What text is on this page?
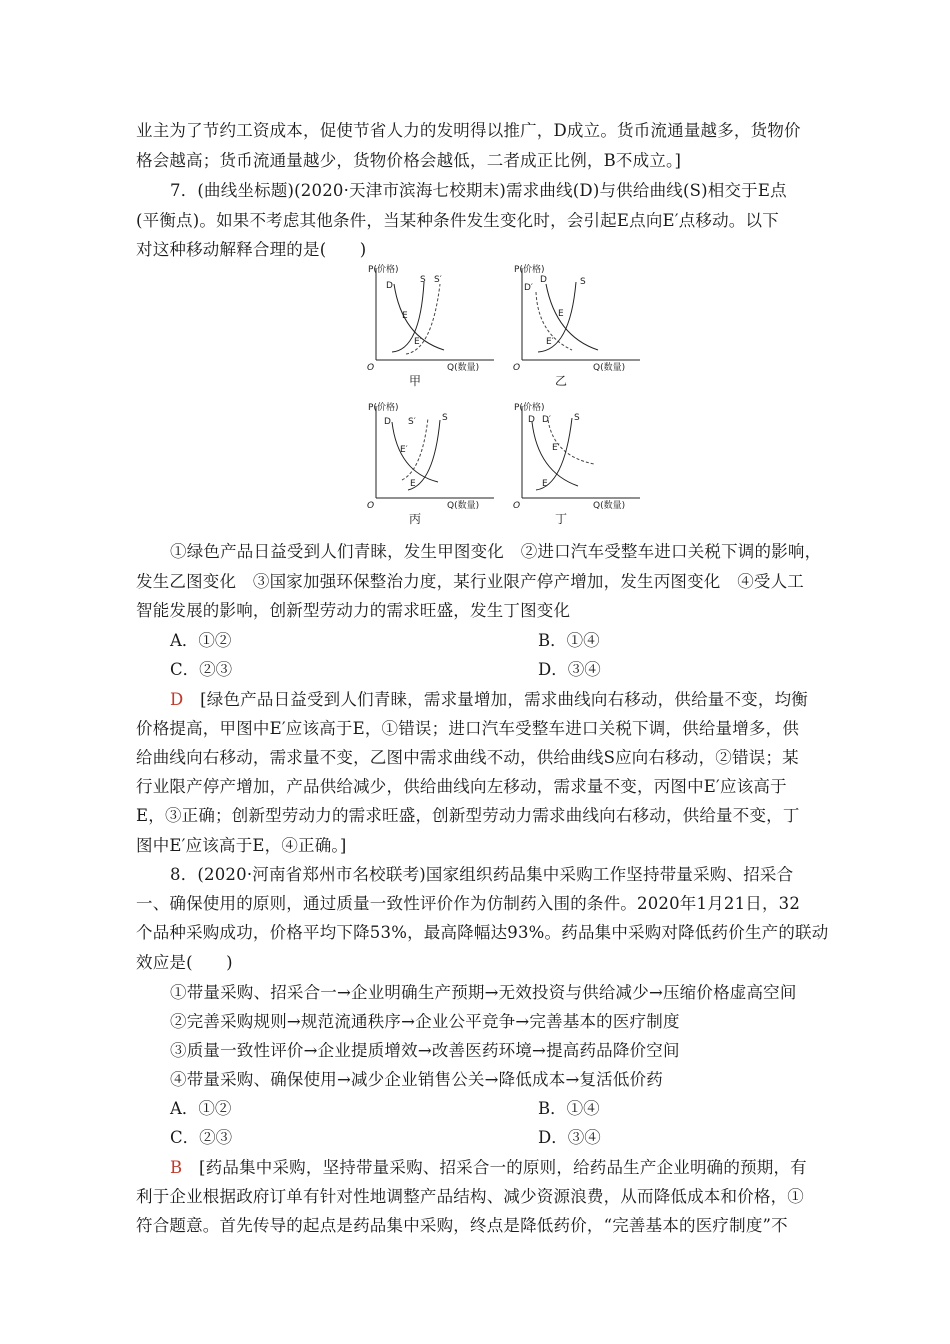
业主为了节约工资成本，促使节省人力的发明得以推广，D成立。货币流通量越多，货物价
格会越高；货币流通量越少，货物价格会越低，二者成正比例，B不成立。]
7．(曲线坐标题)(2020·天津市滨海七校期末)需求曲线(D)与供给曲线(S)相交于E点
(平衡点)。如果不考虑其他条件，当某种条件发生变化时，会引起E点向E′点移动。以下
对这种移动解释合理的是(　　)
P(价格)
Q(数量)
O
D
S S′
E
E′
甲
P(价格)
Q(数量)
O
D′
D	S
E
E′
乙
P(价格)
Q(数量)
O
D S′	S
E′
E
丙
P(价格)
Q(数量)
O
D D′	S
E′
E
丁
①绿色产品日益受到人们青睐，发生甲图变化　②进口汽车受整车进口关税下调的影响，
发生乙图变化　③国家加强环保整治力度，某行业限产停产增加，发生丙图变化　④受人工
智能发展的影响，创新型劳动力的需求旺盛，发生丁图变化
A．①②	B．①④
C．②③	D．③④
D　 [绿色产品日益受到人们青睐，需求量增加，需求曲线向右移动，供给量不变，均衡
价格提高，甲图中E′应该高于E，①错误；进口汽车受整车进口关税下调，供给量增多，供
给曲线向右移动，需求量不变，乙图中需求曲线不动，供给曲线S应向右移动，②错误；某
行业限产停产增加，产品供给减少，供给曲线向左移动，需求量不变，丙图中E′应该高于
E，③正确；创新型劳动力的需求旺盛，创新型劳动力需求曲线向右移动，供给量不变，丁
图中E′应该高于E，④正确。]
8．(2020·河南省郑州市名校联考)国家组织药品集中采购工作坚持带量采购、招采合
一、确保使用的原则，通过质量一致性评价作为仿制药入围的条件。2020年1月21日，32
个品种采购成功，价格平均下降53%，最高降幅达93%。药品集中采购对降低药价生产的联动
效应是(　　)
①带量采购、招采合一→企业明确生产预期→无效投资与供给减少→压缩价格虚高空间
②完善采购规则→规范流通秩序→企业公平竞争→完善基本的医疗制度
③质量一致性评价→企业提质增效→改善医药环境→提高药品降价空间
④带量采购、确保使用→减少企业销售公关→降低成本→复活低价药
A．①②	B．①④
C．②③	D．③④
B　 [药品集中采购，坚持带量采购、招采合一的原则，给药品生产企业明确的预期，有
利于企业根据政府订单有针对性地调整产品结构、减少资源浪费，从而降低成本和价格，①
符合题意。首先传导的起点是药品集中采购，终点是降低药价，“完善基本的医疗制度”不
